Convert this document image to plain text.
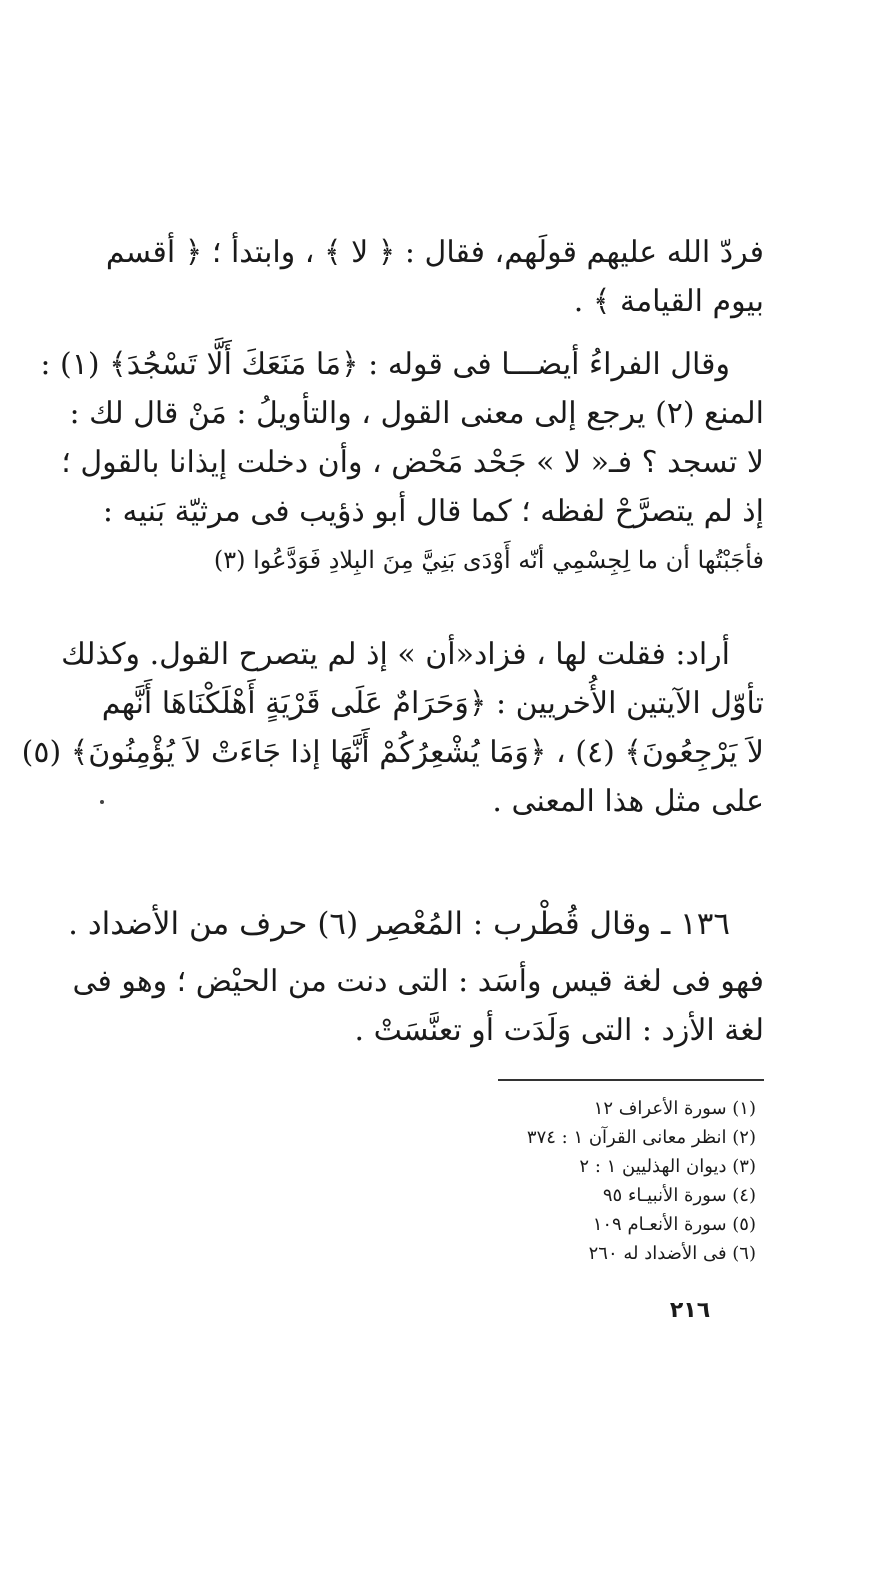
فردّ الله عليهم قولَهم، فقال : ﴿ لا ﴾ ، وابتدأ ؛ ﴿ أقسم
بيوم القيامة ﴾ .
وقال الفراءُ أيضـــا فى قوله : ﴿مَا مَنَعَكَ أَلَّا تَسْجُدَ﴾ (١) :
المنع (٢) يرجع إلى معنى القول ، والتأويلُ : مَنْ قال لك :
لا تسجد ؟ فـ« لا » جَحْد مَحْض ، وأن دخلت إيذانا بالقول ؛
إذ لم يتصرَّحْ لفظه ؛ كما قال أبو ذؤيب فى مرثيّة بَنيه :
فأجَبْتُها أن ما لِجِسْمِي أنّه أَوْدَى بَنِيَّ مِنَ البِلادِ فَوَدَّعُوا (٣)
أراد: فقلت لها ، فزاد«أن » إذ لم يتصرح القول. وكذلك
تأوّل الآيتين الأُخريين : ﴿وَحَرَامٌ عَلَى قَرْيَةٍ أَهْلَكْنَاهَا أَنَّهم
لاَ يَرْجِعُونَ﴾ (٤) ، ﴿وَمَا يُشْعِرُكُمْ أَنَّهَا إذا جَاءَتْ لاَ يُؤْمِنُونَ﴾ (٥)
على مثل هذا المعنى .
١٣٦ ـ وقال قُطْرب : المُعْصِر (٦) حرف من الأضداد .
فهو فى لغة قيس وأسَد : التى دنت من الحيْض ؛ وهو فى
لغة الأزد : التى وَلَدَت أو تعنَّسَتْ .
(١) سورة الأعراف ١٢
(٢) انظر معانى القرآن ١ : ٣٧٤
(٣) ديوان الهذليين ١ : ٢
(٤) سورة الأنبيـاء ٩٥
(٥) سورة الأنعـام ١٠٩
(٦) فى الأضداد له ٢٦٠
٢١٦
